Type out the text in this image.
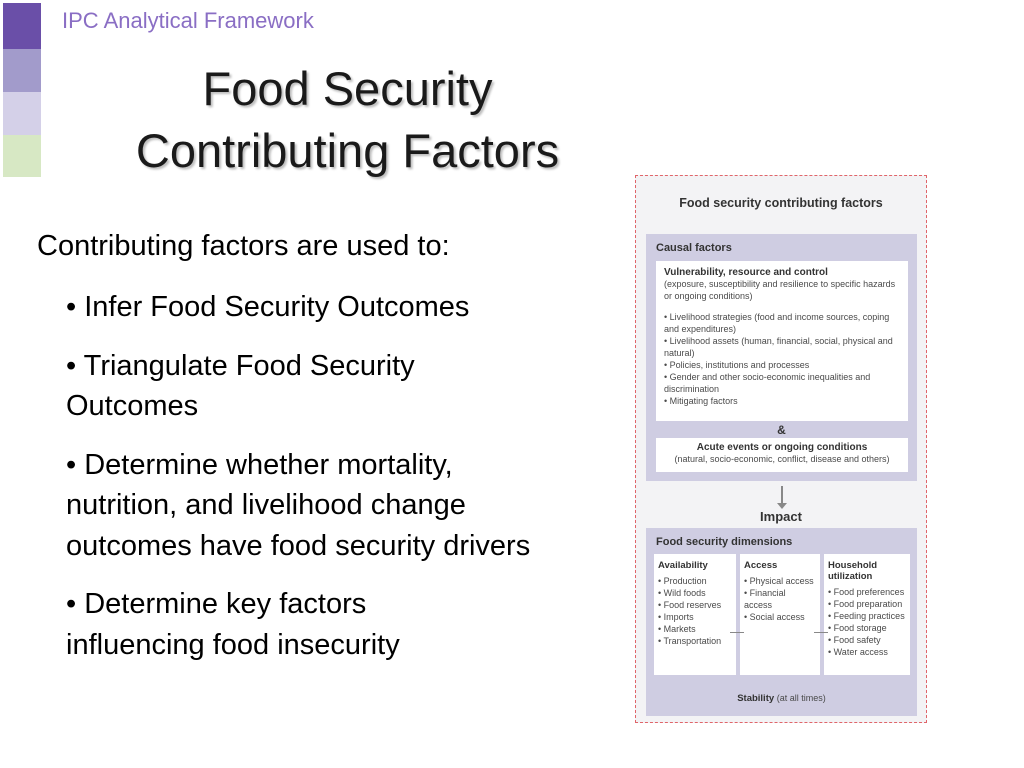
IPC Analytical Framework
Food Security
Contributing Factors
Contributing factors are used to:
• Infer Food Security Outcomes
• Triangulate Food Security Outcomes
• Determine whether mortality, nutrition, and livelihood change outcomes have food security drivers
• Determine key factors influencing food insecurity
Food security contributing factors
Causal factors
Vulnerability, resource and control
(exposure, susceptibility and resilience to specific hazards or ongoing conditions)
• Livelihood strategies (food and income sources, coping and expenditures)
• Livelihood assets (human, financial, social, physical and natural)
• Policies, institutions and processes
• Gender and other socio-economic inequalities and discrimination
• Mitigating factors
&
Acute events or ongoing conditions
(natural, socio-economic, conflict, disease and others)
Impact
Food security dimensions
Availability
• Production
• Wild foods
• Food reserves
• Imports
• Markets
• Transportation
Access
• Physical access
• Financial access
• Social access
Household utilization
• Food preferences
• Food preparation
• Feeding practices
• Food storage
• Food safety
• Water access
Stability (at all times)
